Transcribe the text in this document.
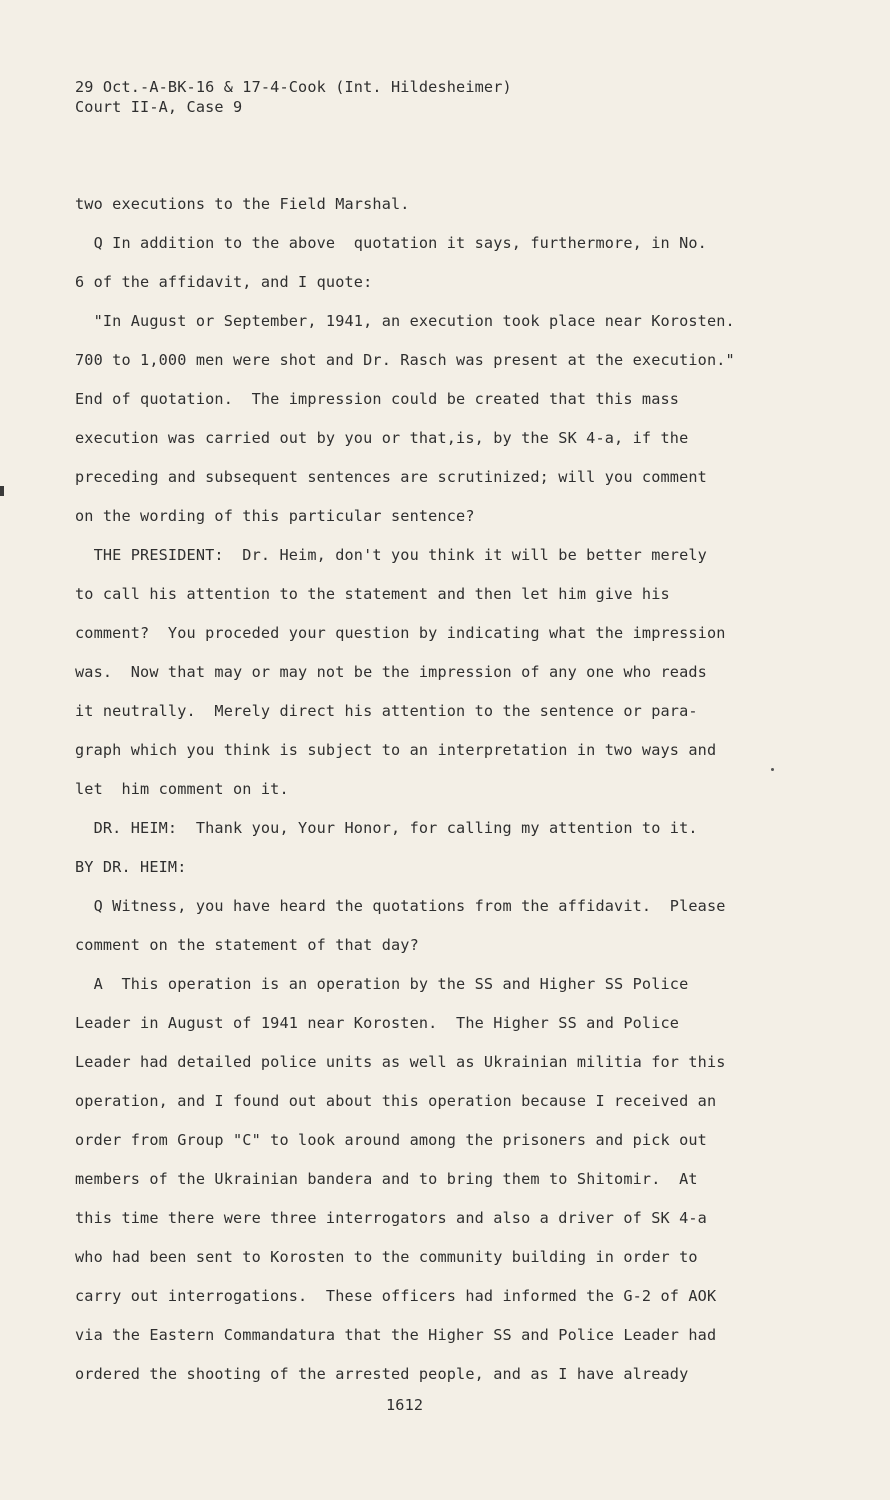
29 Oct.-A-BK-16 & 17-4-Cook (Int. Hildesheimer)
Court II-A, Case 9
two executions to the Field Marshal.
Q In addition to the above  quotation it says, furthermore, in No.
6 of the affidavit, and I quote:
"In August or September, 1941, an execution took place near Korosten.
700 to 1,000 men were shot and Dr. Rasch was present at the execution."
End of quotation.  The impression could be created that this mass
execution was carried out by you or that,is, by the SK 4-a, if the
preceding and subsequent sentences are scrutinized; will you comment
on the wording of this particular sentence?
THE PRESIDENT:  Dr. Heim, don't you think it will be better merely
to call his attention to the statement and then let him give his
comment?  You proceded your question by indicating what the impression
was.  Now that may or may not be the impression of any one who reads
it neutrally.  Merely direct his attention to the sentence or para-
graph which you think is subject to an interpretation in two ways and
let  him comment on it.
DR. HEIM:  Thank you, Your Honor, for calling my attention to it.
BY DR. HEIM:
Q Witness, you have heard the quotations from the affidavit.  Please
comment on the statement of that day?
A  This operation is an operation by the SS and Higher SS Police
Leader in August of 1941 near Korosten.  The Higher SS and Police
Leader had detailed police units as well as Ukrainian militia for this
operation, and I found out about this operation because I received an
order from Group "C" to look around among the prisoners and pick out
members of the Ukrainian bandera and to bring them to Shitomir.  At
this time there were three interrogators and also a driver of SK 4-a
who had been sent to Korosten to the community building in order to
carry out interrogations.  These officers had informed the G-2 of AOK
via the Eastern Commandatura that the Higher SS and Police Leader had
ordered the shooting of the arrested people, and as I have already
1612
